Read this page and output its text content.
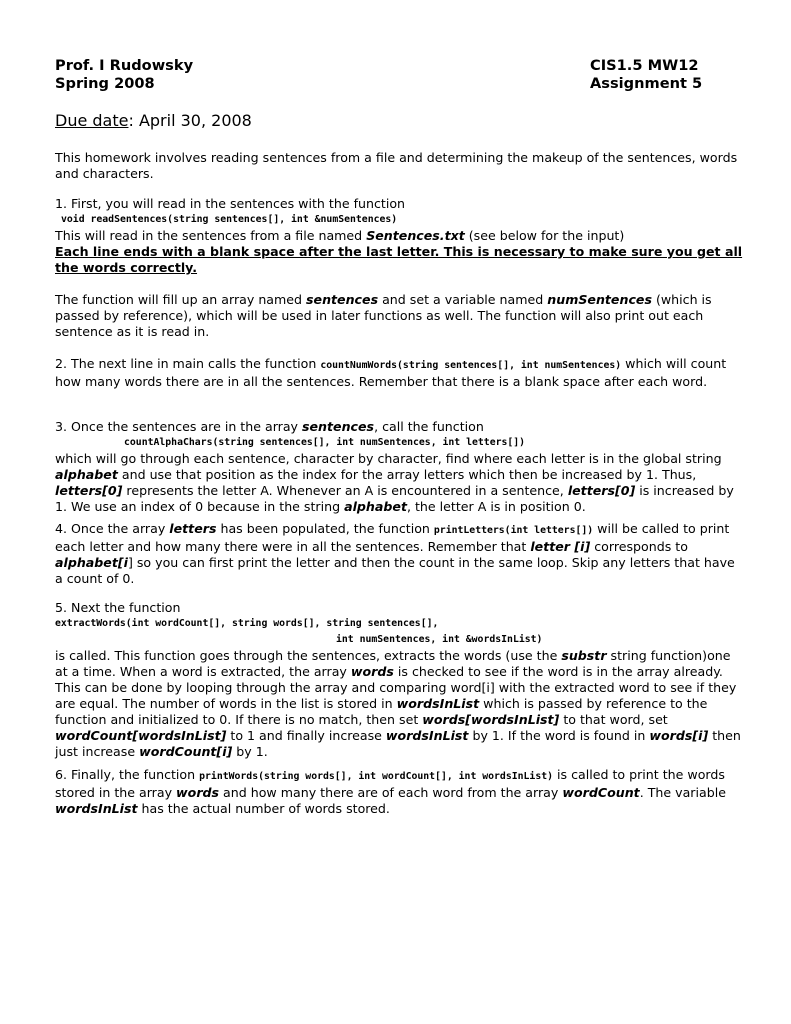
Prof. I Rudowsky
Spring 2008
CIS1.5 MW12
Assignment 5
Due date: April 30, 2008
This homework involves reading sentences from a file and determining the makeup of the sentences, words and characters.
1. First, you will read in the sentences with the function
void readSentences(string sentences[], int &numSentences)
This will read in the sentences from a file named Sentences.txt (see below for the input)
Each line ends with a blank space after the last letter. This is necessary to make sure you get all the words correctly.
The function will fill up an array named sentences and set a variable named numSentences (which is passed by reference), which will be used in later functions as well. The function will also print out each sentence as it is read in.
2. The next line in main calls the function countNumWords(string sentences[], int numSentences) which will count how many words there are in all the sentences. Remember that there is a blank space after each word.
3. Once the sentences are in the array sentences, call the function
countAlphaChars(string sentences[], int numSentences, int letters[])
which will go through each sentence, character by character, find where each letter is in the global string alphabet and use that position as the index for the array letters which then be increased by 1. Thus, letters[0] represents the letter A. Whenever an A is encountered in a sentence, letters[0] is increased by 1. We use an index of 0 because in the string alphabet, the letter A is in position 0.
4. Once the array letters has been populated, the function printLetters(int letters[]) will be called to print each letter and how many there were in all the sentences. Remember that letter [i] corresponds to alphabet[i] so you can first print the letter and then the count in the same loop. Skip any letters that have a count of 0.
5. Next the function
extractWords(int wordCount[], string words[], string sentences[],
int numSentences, int &wordsInList)
is called. This function goes through the sentences, extracts the words (use the substr string function)one at a time. When a word is extracted, the array words is checked to see if the word is in the array already. This can be done by looping through the array and comparing word[i] with the extracted word to see if they are equal. The number of words in the list is stored in wordsInList which is passed by reference to the function and initialized to 0. If there is no match, then set words[wordsInList] to that word, set wordCount[wordsInList] to 1 and finally increase wordsInList by 1. If the word is found in words[i] then just increase wordCount[i] by 1.
6. Finally, the function printWords(string words[], int wordCount[], int wordsInList) is called to print the words stored in the array words and how many there are of each word from the array wordCount. The variable wordsInList has the actual number of words stored.
